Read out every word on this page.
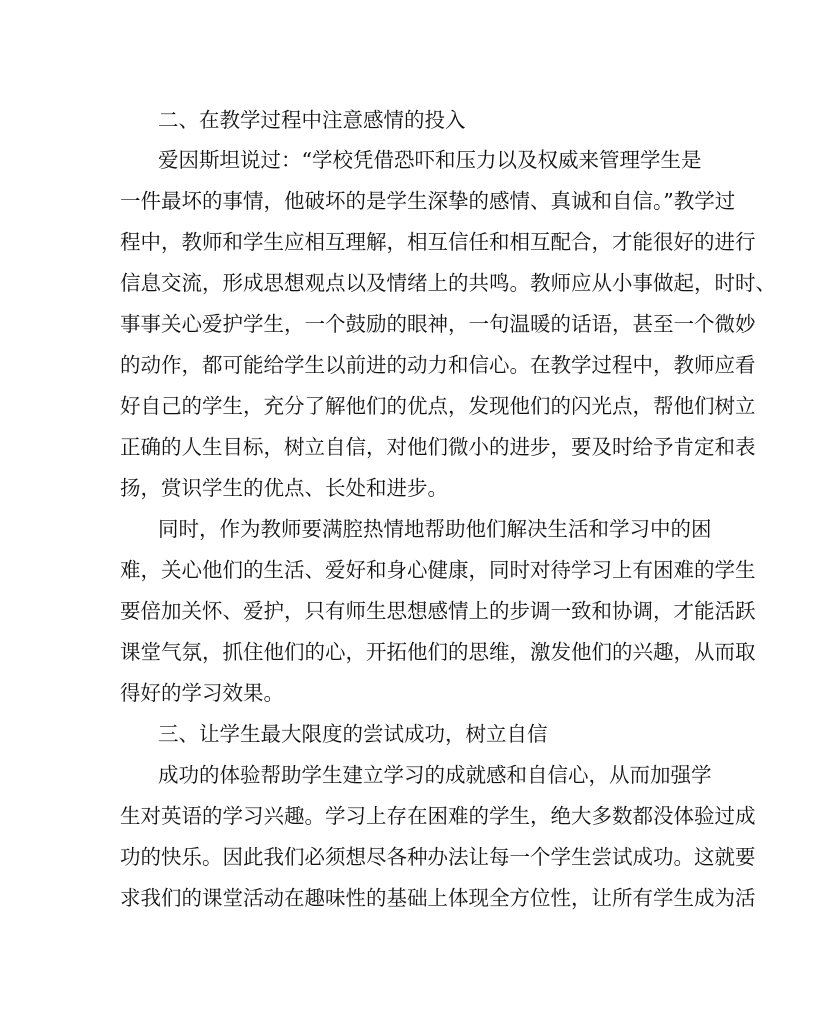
二、在教学过程中注意感情的投入
爱因斯坦说过：“学校凭借恐吓和压力以及权威来管理学生是
一件最坏的事情，他破坏的是学生深挚的感情、真诚和自信。”教学过
程中，教师和学生应相互理解，相互信任和相互配合，才能很好的进行
信息交流，形成思想观点以及情绪上的共鸣。教师应从小事做起，时时、
事事关心爱护学生，一个鼓励的眼神，一句温暖的话语，甚至一个微妙
的动作，都可能给学生以前进的动力和信心。在教学过程中，教师应看
好自己的学生，充分了解他们的优点，发现他们的闪光点，帮他们树立
正确的人生目标，树立自信，对他们微小的进步，要及时给予肯定和表
扬，赏识学生的优点、长处和进步。
同时，作为教师要满腔热情地帮助他们解决生活和学习中的困
难，关心他们的生活、爱好和身心健康，同时对待学习上有困难的学生
要倍加关怀、爱护，只有师生思想感情上的步调一致和协调，才能活跃
课堂气氛，抓住他们的心，开拓他们的思维，激发他们的兴趣，从而取
得好的学习效果。
三、让学生最大限度的尝试成功，树立自信
成功的体验帮助学生建立学习的成就感和自信心，从而加强学
生对英语的学习兴趣。学习上存在困难的学生，绝大多数都没体验过成
功的快乐。因此我们必须想尽各种办法让每一个学生尝试成功。这就要
求我们的课堂活动在趣味性的基础上体现全方位性，让所有学生成为活
